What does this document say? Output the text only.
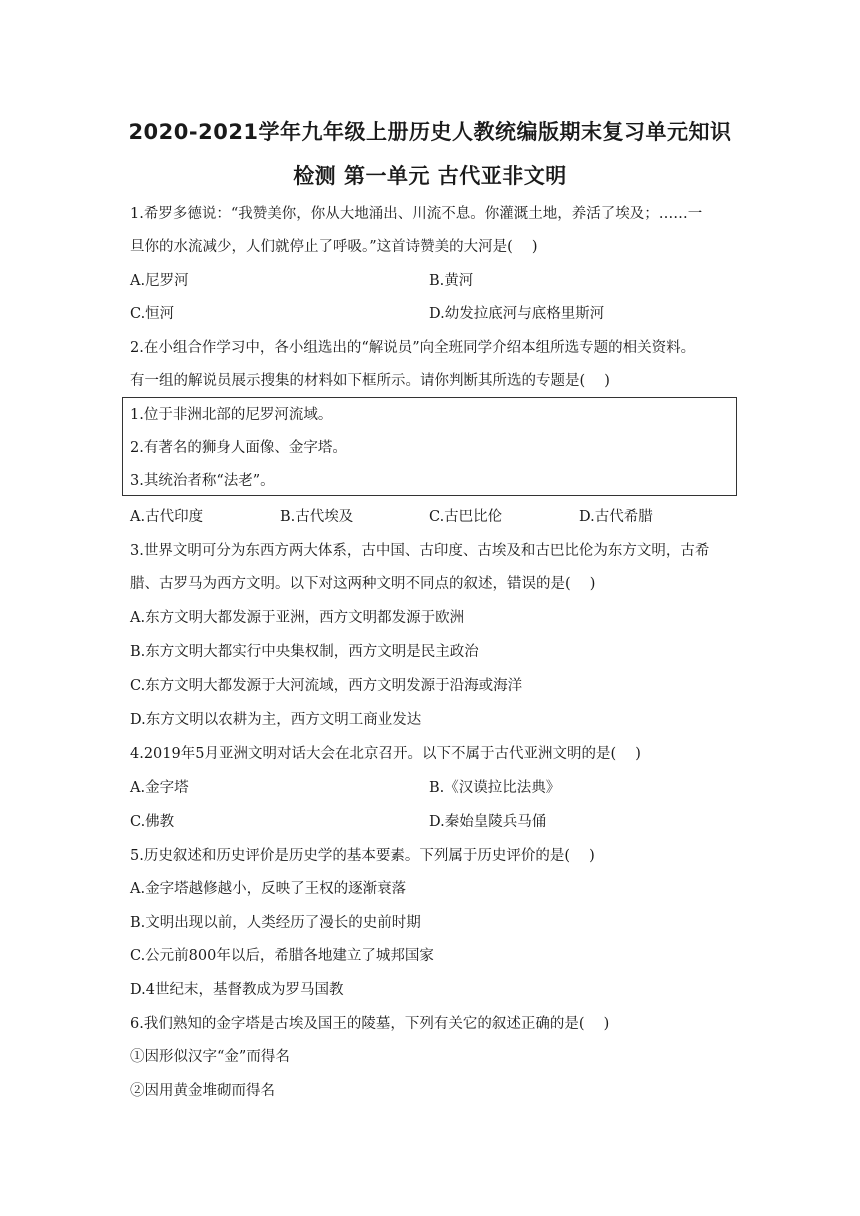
2020-2021学年九年级上册历史人教统编版期末复习单元知识
检测 第一单元 古代亚非文明
1.希罗多德说：“我赞美你，你从大地涌出、川流不息。你灌溉土地，养活了埃及；……一
旦你的水流减少，人们就停止了呼吸。”这首诗赞美的大河是(　 )
A.尼罗河	B.黄河
C.恒河	D.幼发拉底河与底格里斯河
2.在小组合作学习中，各小组选出的“解说员”向全班同学介绍本组所选专题的相关资料。
有一组的解说员展示搜集的材料如下框所示。请你判断其所选的专题是(　 )
1.位于非洲北部的尼罗河流域。
2.有著名的狮身人面像、金字塔。
3.其统治者称“法老”。
A.古代印度	B.古代埃及	C.古巴比伦	D.古代希腊
3.世界文明可分为东西方两大体系，古中国、古印度、古埃及和古巴比伦为东方文明，古希
腊、古罗马为西方文明。以下对这两种文明不同点的叙述，错误的是(　 )
A.东方文明大都发源于亚洲，西方文明都发源于欧洲
B.东方文明大都实行中央集权制，西方文明是民主政治
C.东方文明大都发源于大河流域，西方文明发源于沿海或海洋
D.东方文明以农耕为主，西方文明工商业发达
4.2019年5月亚洲文明对话大会在北京召开。以下不属于古代亚洲文明的是(　 )
A.金字塔	B.《汉谟拉比法典》
C.佛教	D.秦始皇陵兵马俑
5.历史叙述和历史评价是历史学的基本要素。下列属于历史评价的是(　 )
A.金字塔越修越小，反映了王权的逐渐衰落
B.文明出现以前，人类经历了漫长的史前时期
C.公元前800年以后，希腊各地建立了城邦国家
D.4世纪末，基督教成为罗马国教
6.我们熟知的金字塔是古埃及国王的陵墓，下列有关它的叙述正确的是(　 )
①因形似汉字“金”而得名
②因用黄金堆砌而得名
